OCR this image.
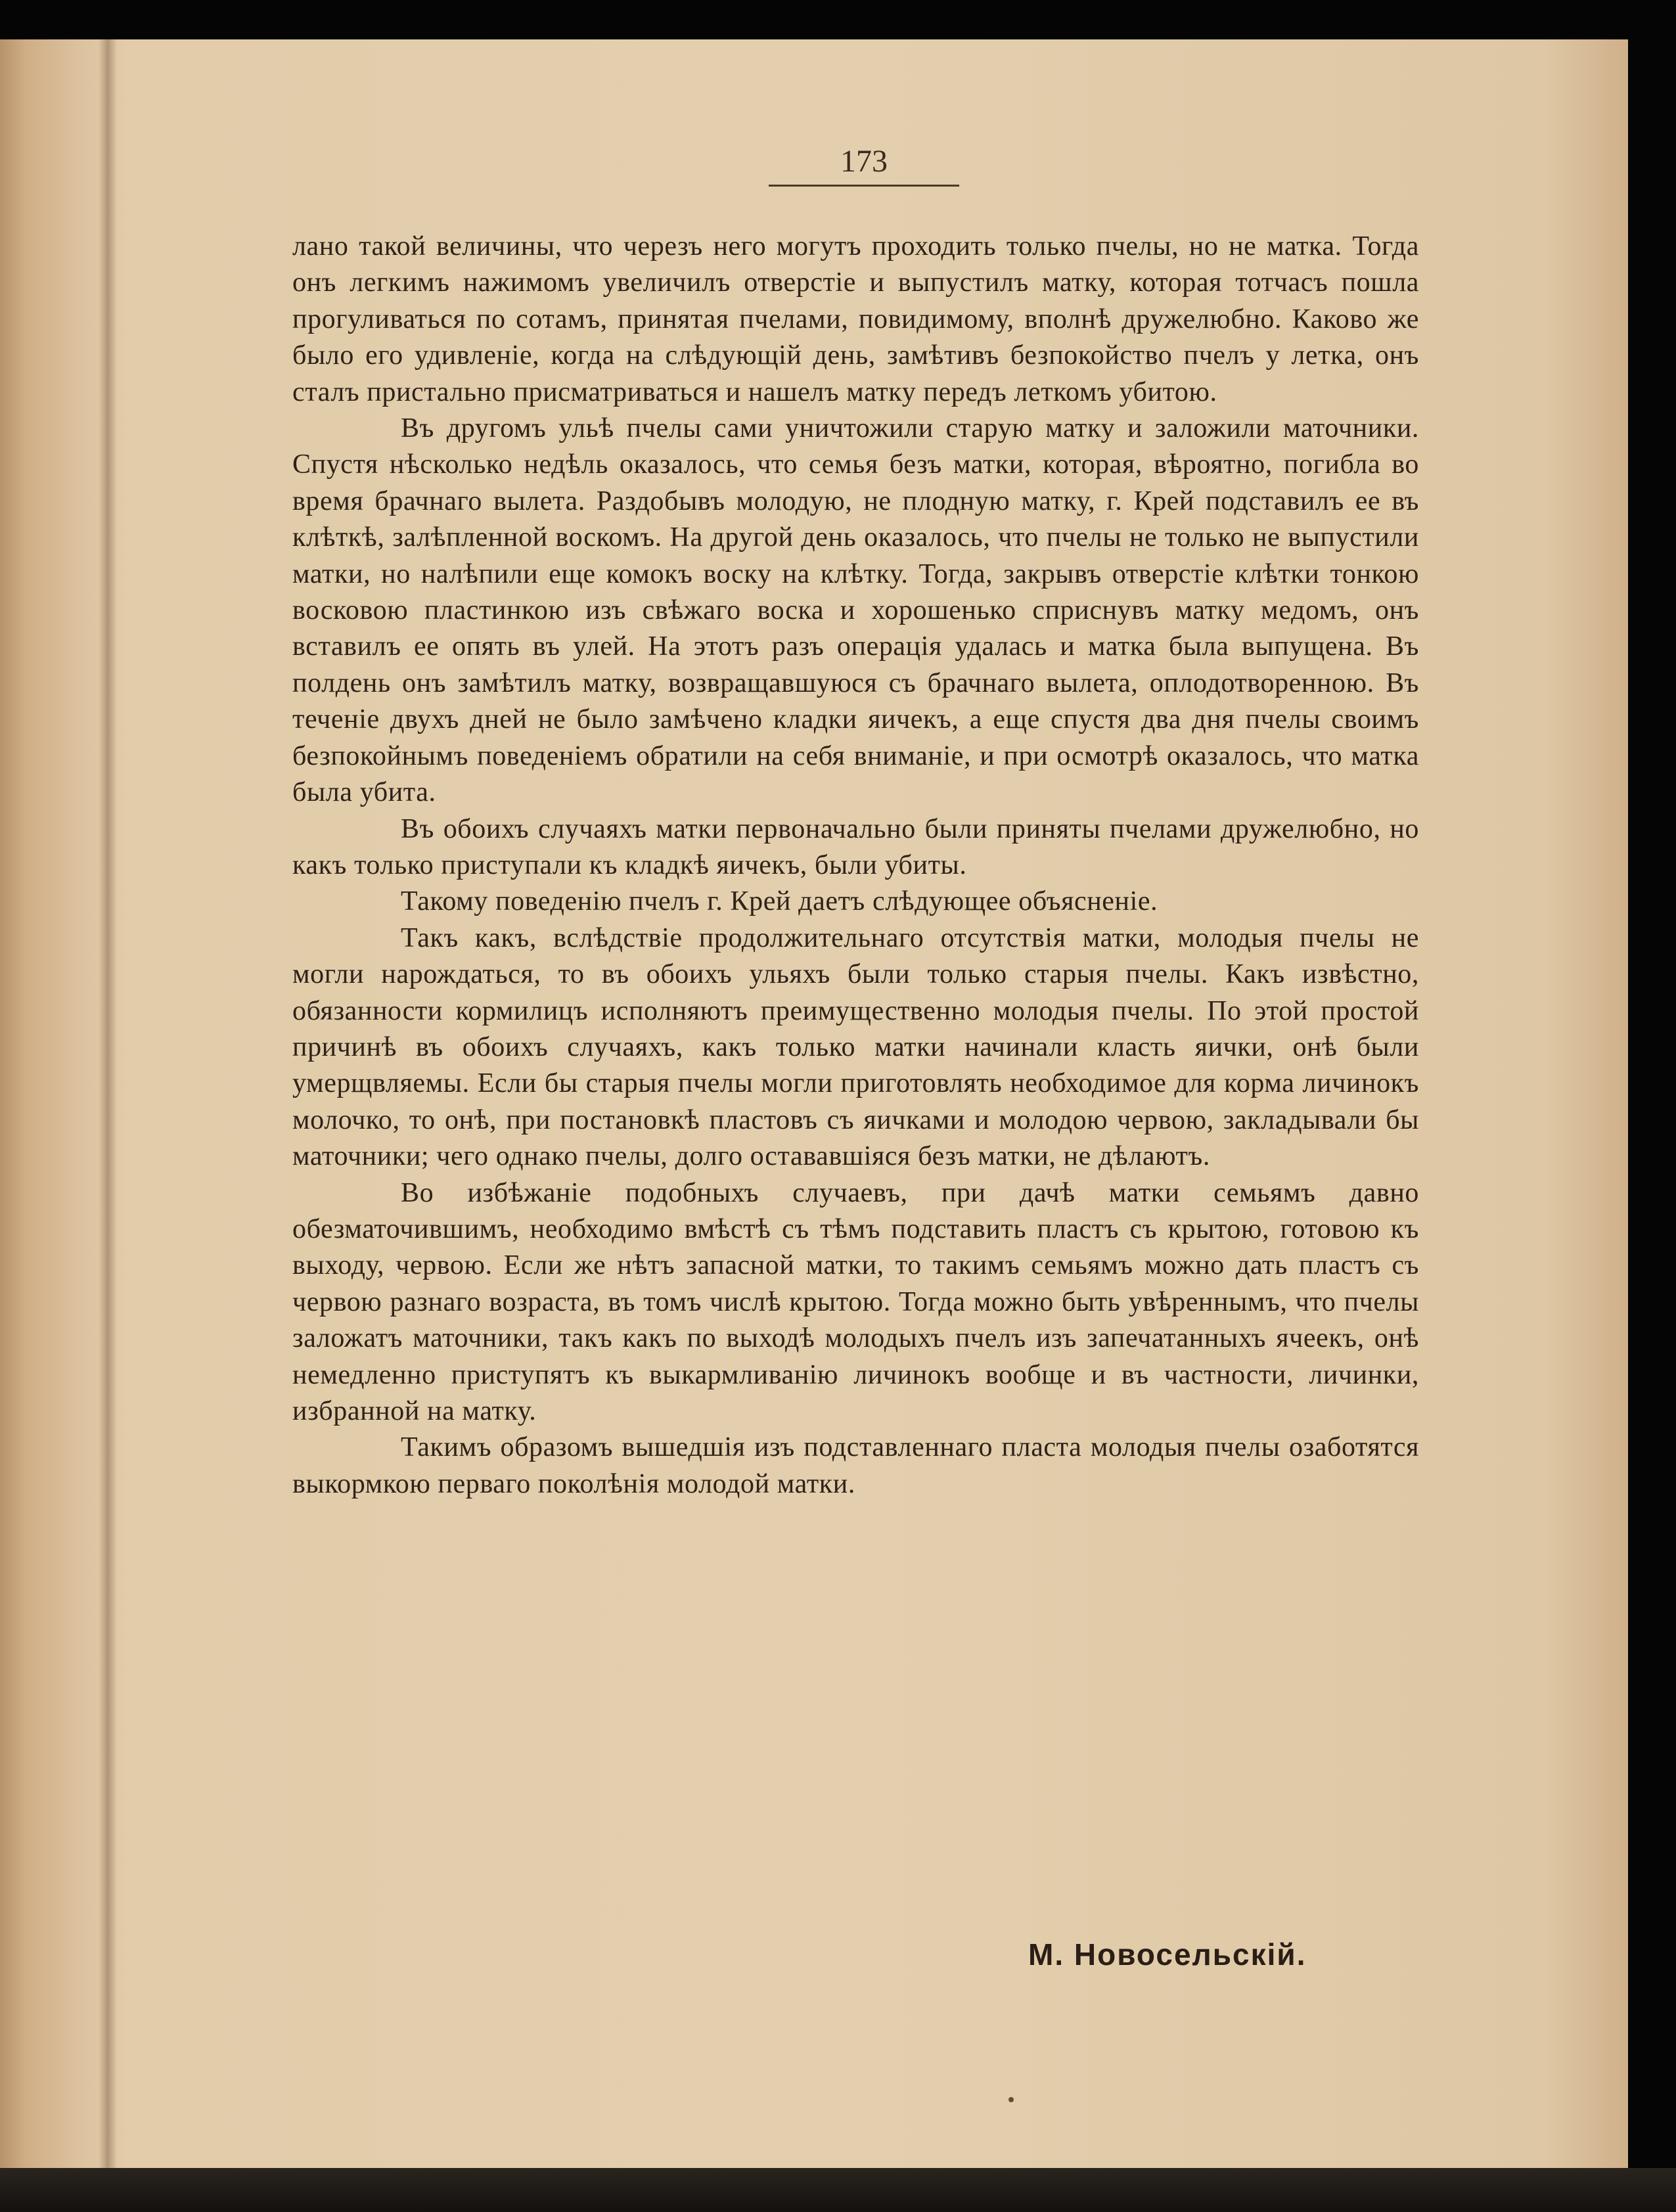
173

лано такой величины, что черезъ него могутъ проходить только пчелы, но не матка. Тогда онъ легкимъ нажимомъ увеличилъ отверстіе и выпустилъ матку, которая тотчасъ пошла прогуливаться по сотамъ, принятая пчелами, повидимому, вполнѣ дружелюбно. Каково же было его удивленіе, когда на слѣдующій день, замѣтивъ безпокойство пчелъ у летка, онъ сталъ пристально присматриваться и нашелъ матку передъ леткомъ убитою.

Въ другомъ ульѣ пчелы сами уничтожили старую матку и заложили маточники. Спустя нѣсколько недѣль оказалось, что семья безъ матки, которая, вѣроятно, погибла во время брачнаго вылета. Раздобывъ молодую, не плодную матку, г. Крей подставилъ ее въ клѣткѣ, залѣпленной воскомъ. На другой день оказалось, что пчелы не только не выпустили матки, но налѣпили еще комокъ воску на клѣтку. Тогда, закрывъ отверстіе клѣтки тонкою восковою пластинкою изъ свѣжаго воска и хорошенько сприснувъ матку медомъ, онъ вставилъ ее опять въ улей. На этотъ разъ операція удалась и матка была выпущена. Въ полдень онъ замѣтилъ матку, возвращавшуюся съ брачнаго вылета, оплодотворенною. Въ теченіе двухъ дней не было замѣчено кладки яичекъ, а еще спустя два дня пчелы своимъ безпокойнымъ поведеніемъ обратили на себя вниманіе, и при осмотрѣ оказалось, что матка была убита.

Въ обоихъ случаяхъ матки первоначально были приняты пчелами дружелюбно, но какъ только приступали къ кладкѣ яичекъ, были убиты.

Такому поведенію пчелъ г. Крей даетъ слѣдующее объясненіе.

Такъ какъ, вслѣдствіе продолжительнаго отсутствія матки, молодыя пчелы не могли нарождаться, то въ обоихъ ульяхъ были только старыя пчелы. Какъ извѣстно, обязанности кормилицъ исполняютъ преимущественно молодыя пчелы. По этой простой причинѣ въ обоихъ случаяхъ, какъ только матки начинали класть яички, онѣ были умерщвляемы. Если бы старыя пчелы могли приготовлять необходимое для корма личинокъ молочко, то онѣ, при постановкѣ пластовъ съ яичками и молодою червою, закладывали бы маточники; чего однако пчелы, долго остававшіяся безъ матки, не дѣлаютъ.

Во избѣжаніе подобныхъ случаевъ, при дачѣ матки семьямъ давно обезматочившимъ, необходимо вмѣстѣ съ тѣмъ подставить пластъ съ крытою, готовою къ выходу, червою. Если же нѣтъ запасной матки, то такимъ семьямъ можно дать пластъ съ червою разнаго возраста, въ томъ числѣ крытою. Тогда можно быть увѣреннымъ, что пчелы заложатъ маточники, такъ какъ по выходѣ молодыхъ пчелъ изъ запечатанныхъ ячеекъ, онѣ немедленно приступятъ къ выкармливанію личинокъ вообще и въ частности, личинки, избранной на матку.

Такимъ образомъ вышедшія изъ подставленнаго пласта молодыя пчелы озаботятся выкормкою перваго поколѣнія молодой матки.

М. Новосельскій.
